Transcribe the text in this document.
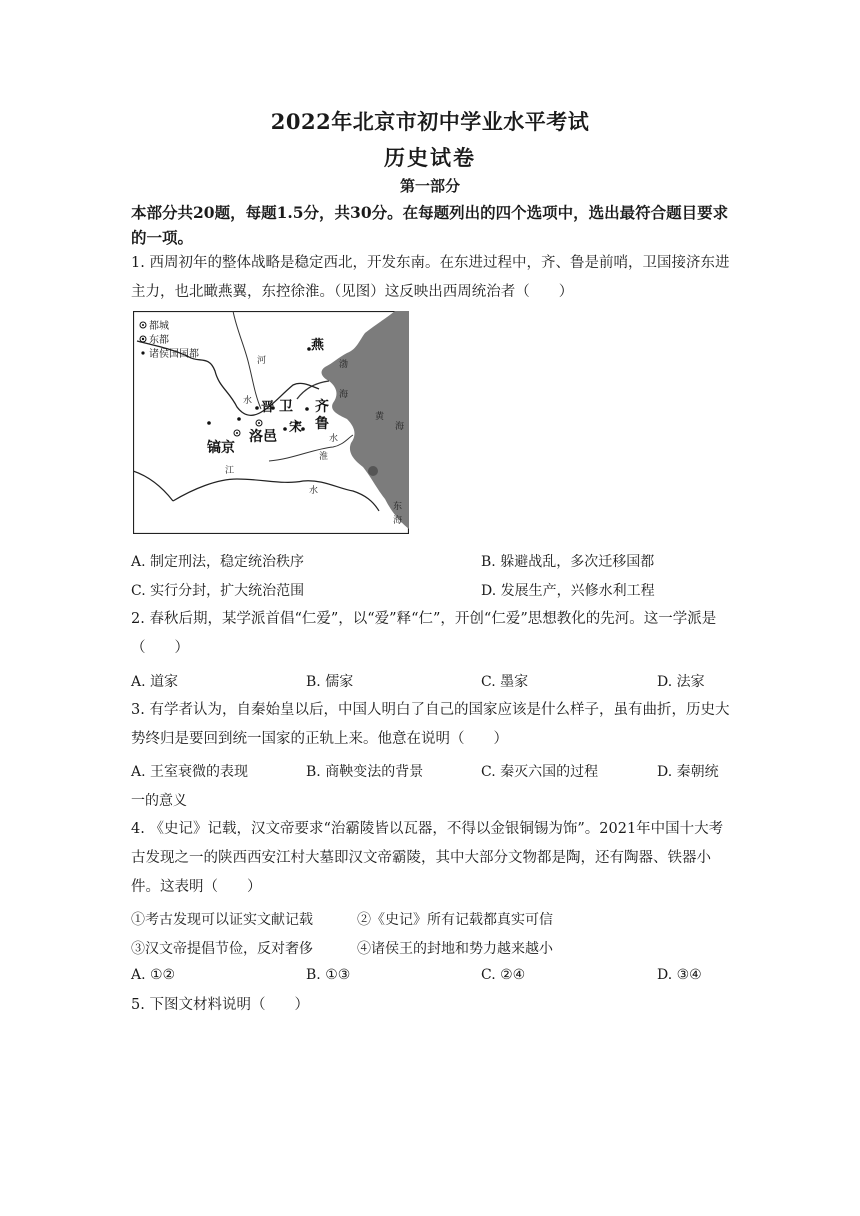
2022年北京市初中学业水平考试
历史试卷
第一部分
本部分共20题，每题1.5分，共30分。在每题列出的四个选项中，选出最符合题目要求的一项。
1. 西周初年的整体战略是稳定西北，开发东南。在东进过程中，齐、鲁是前哨，卫国接济东进主力，也北瞰燕翼，东控徐淮。（见图）这反映出西周统治者（　　）
都城
东都
诸侯国国都
燕
齐
鲁
卫
晋
宋
洛邑
镐京
渤
海
黄
海
东
海
河
水
江
淮
水
水
A. 制定刑法，稳定统治秩序	B. 躲避战乱，多次迁移国都
C. 实行分封，扩大统治范围	D. 发展生产，兴修水利工程
2. 春秋后期，某学派首倡“仁爱”，以“爱”释“仁”，开创“仁爱”思想教化的先河。这一学派是（　　）
A. 道家	B. 儒家	C. 墨家	D. 法家
3. 有学者认为，自秦始皇以后，中国人明白了自己的国家应该是什么样子，虽有曲折，历史大势终归是要回到统一国家的正轨上来。他意在说明（　　）
A. 王室衰微的表现	B. 商鞅变法的背景	C. 秦灭六国的过程	D. 秦朝统
一的意义
4. 《史记》记载，汉文帝要求“治霸陵皆以瓦器，不得以金银铜锡为饰”。2021年中国十大考古发现之一的陕西西安江村大墓即汉文帝霸陵，其中大部分文物都是陶，还有陶器、铁器小件。这表明（　　）
①考古发现可以证实文献记载	②《史记》所有记载都真实可信
③汉文帝提倡节俭，反对奢侈	④诸侯王的封地和势力越来越小
A. ①②	B. ①③	C. ②④	D. ③④
5. 下图文材料说明（　　）
